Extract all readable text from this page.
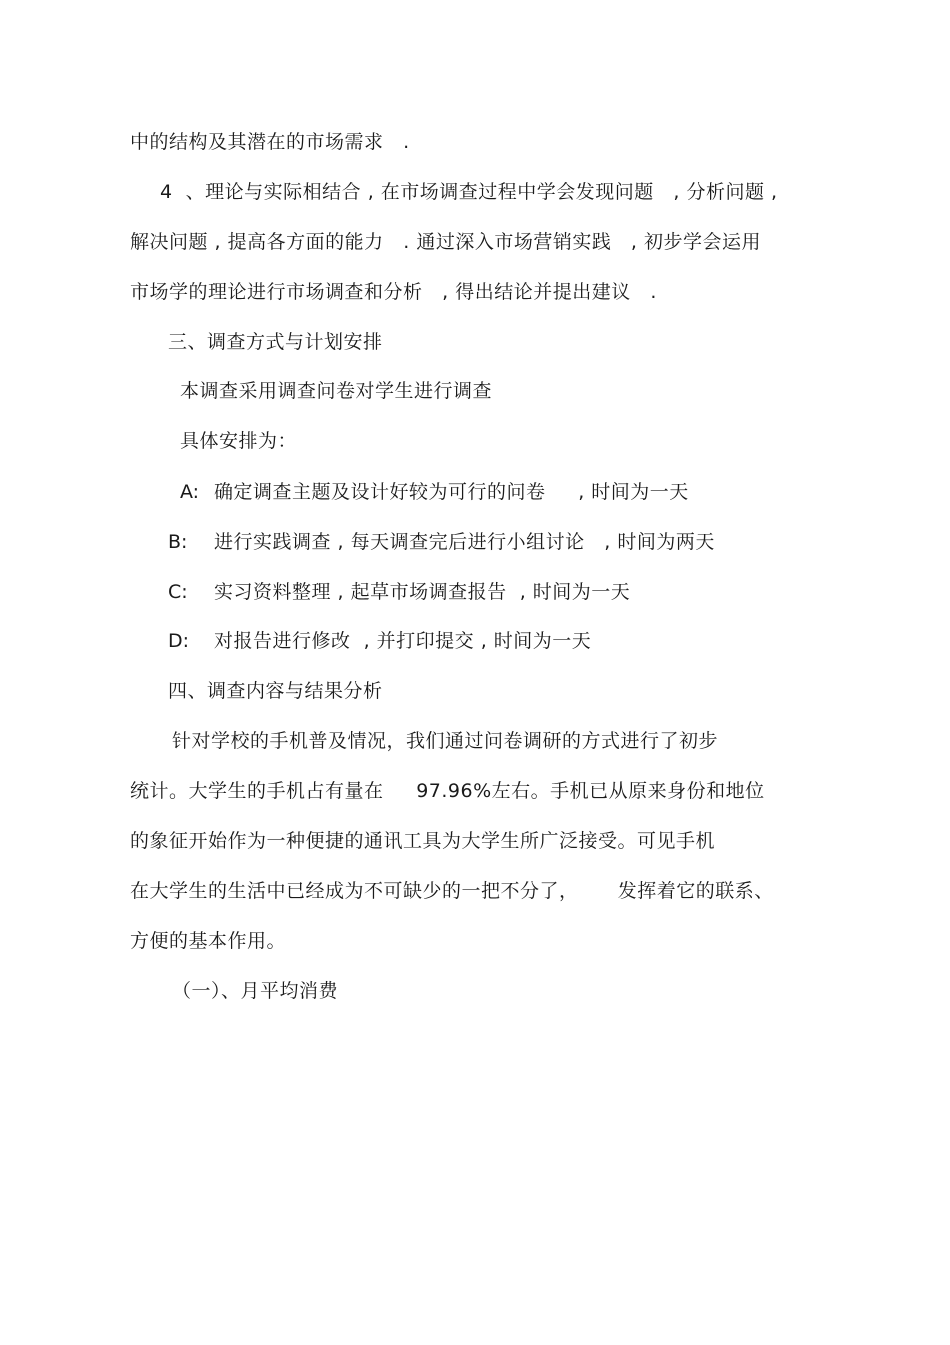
中的结构及其潜在的市场需求   .
4  、理论与实际相结合 , 在市场调查过程中学会发现问题   , 分析问题 ,
解决问题 , 提高各方面的能力   . 通过深入市场营销实践   , 初步学会运用
市场学的理论进行市场调查和分析   , 得出结论并提出建议   .
三、调查方式与计划安排
本调查采用调查问卷对学生进行调查
具体安排为：
A: 确定调查主题及设计好较为可行的问卷     , 时间为一天
B: 进行实践调查 , 每天调查完后进行小组讨论   , 时间为两天
C: 实习资料整理 , 起草市场调查报告  , 时间为一天
D: 对报告进行修改  , 并打印提交 , 时间为一天
四、调查内容与结果分析
针对学校的手机普及情况，我们通过问卷调研的方式进行了初步
统计。大学生的手机占有量在     97.96%左右。手机已从原来身份和地位
的象征开始作为一种便捷的通讯工具为大学生所广泛接受。可见手机
在大学生的生活中已经成为不可缺少的一把不分了，      发挥着它的联系、
方便的基本作用。
（一）、月平均消费
